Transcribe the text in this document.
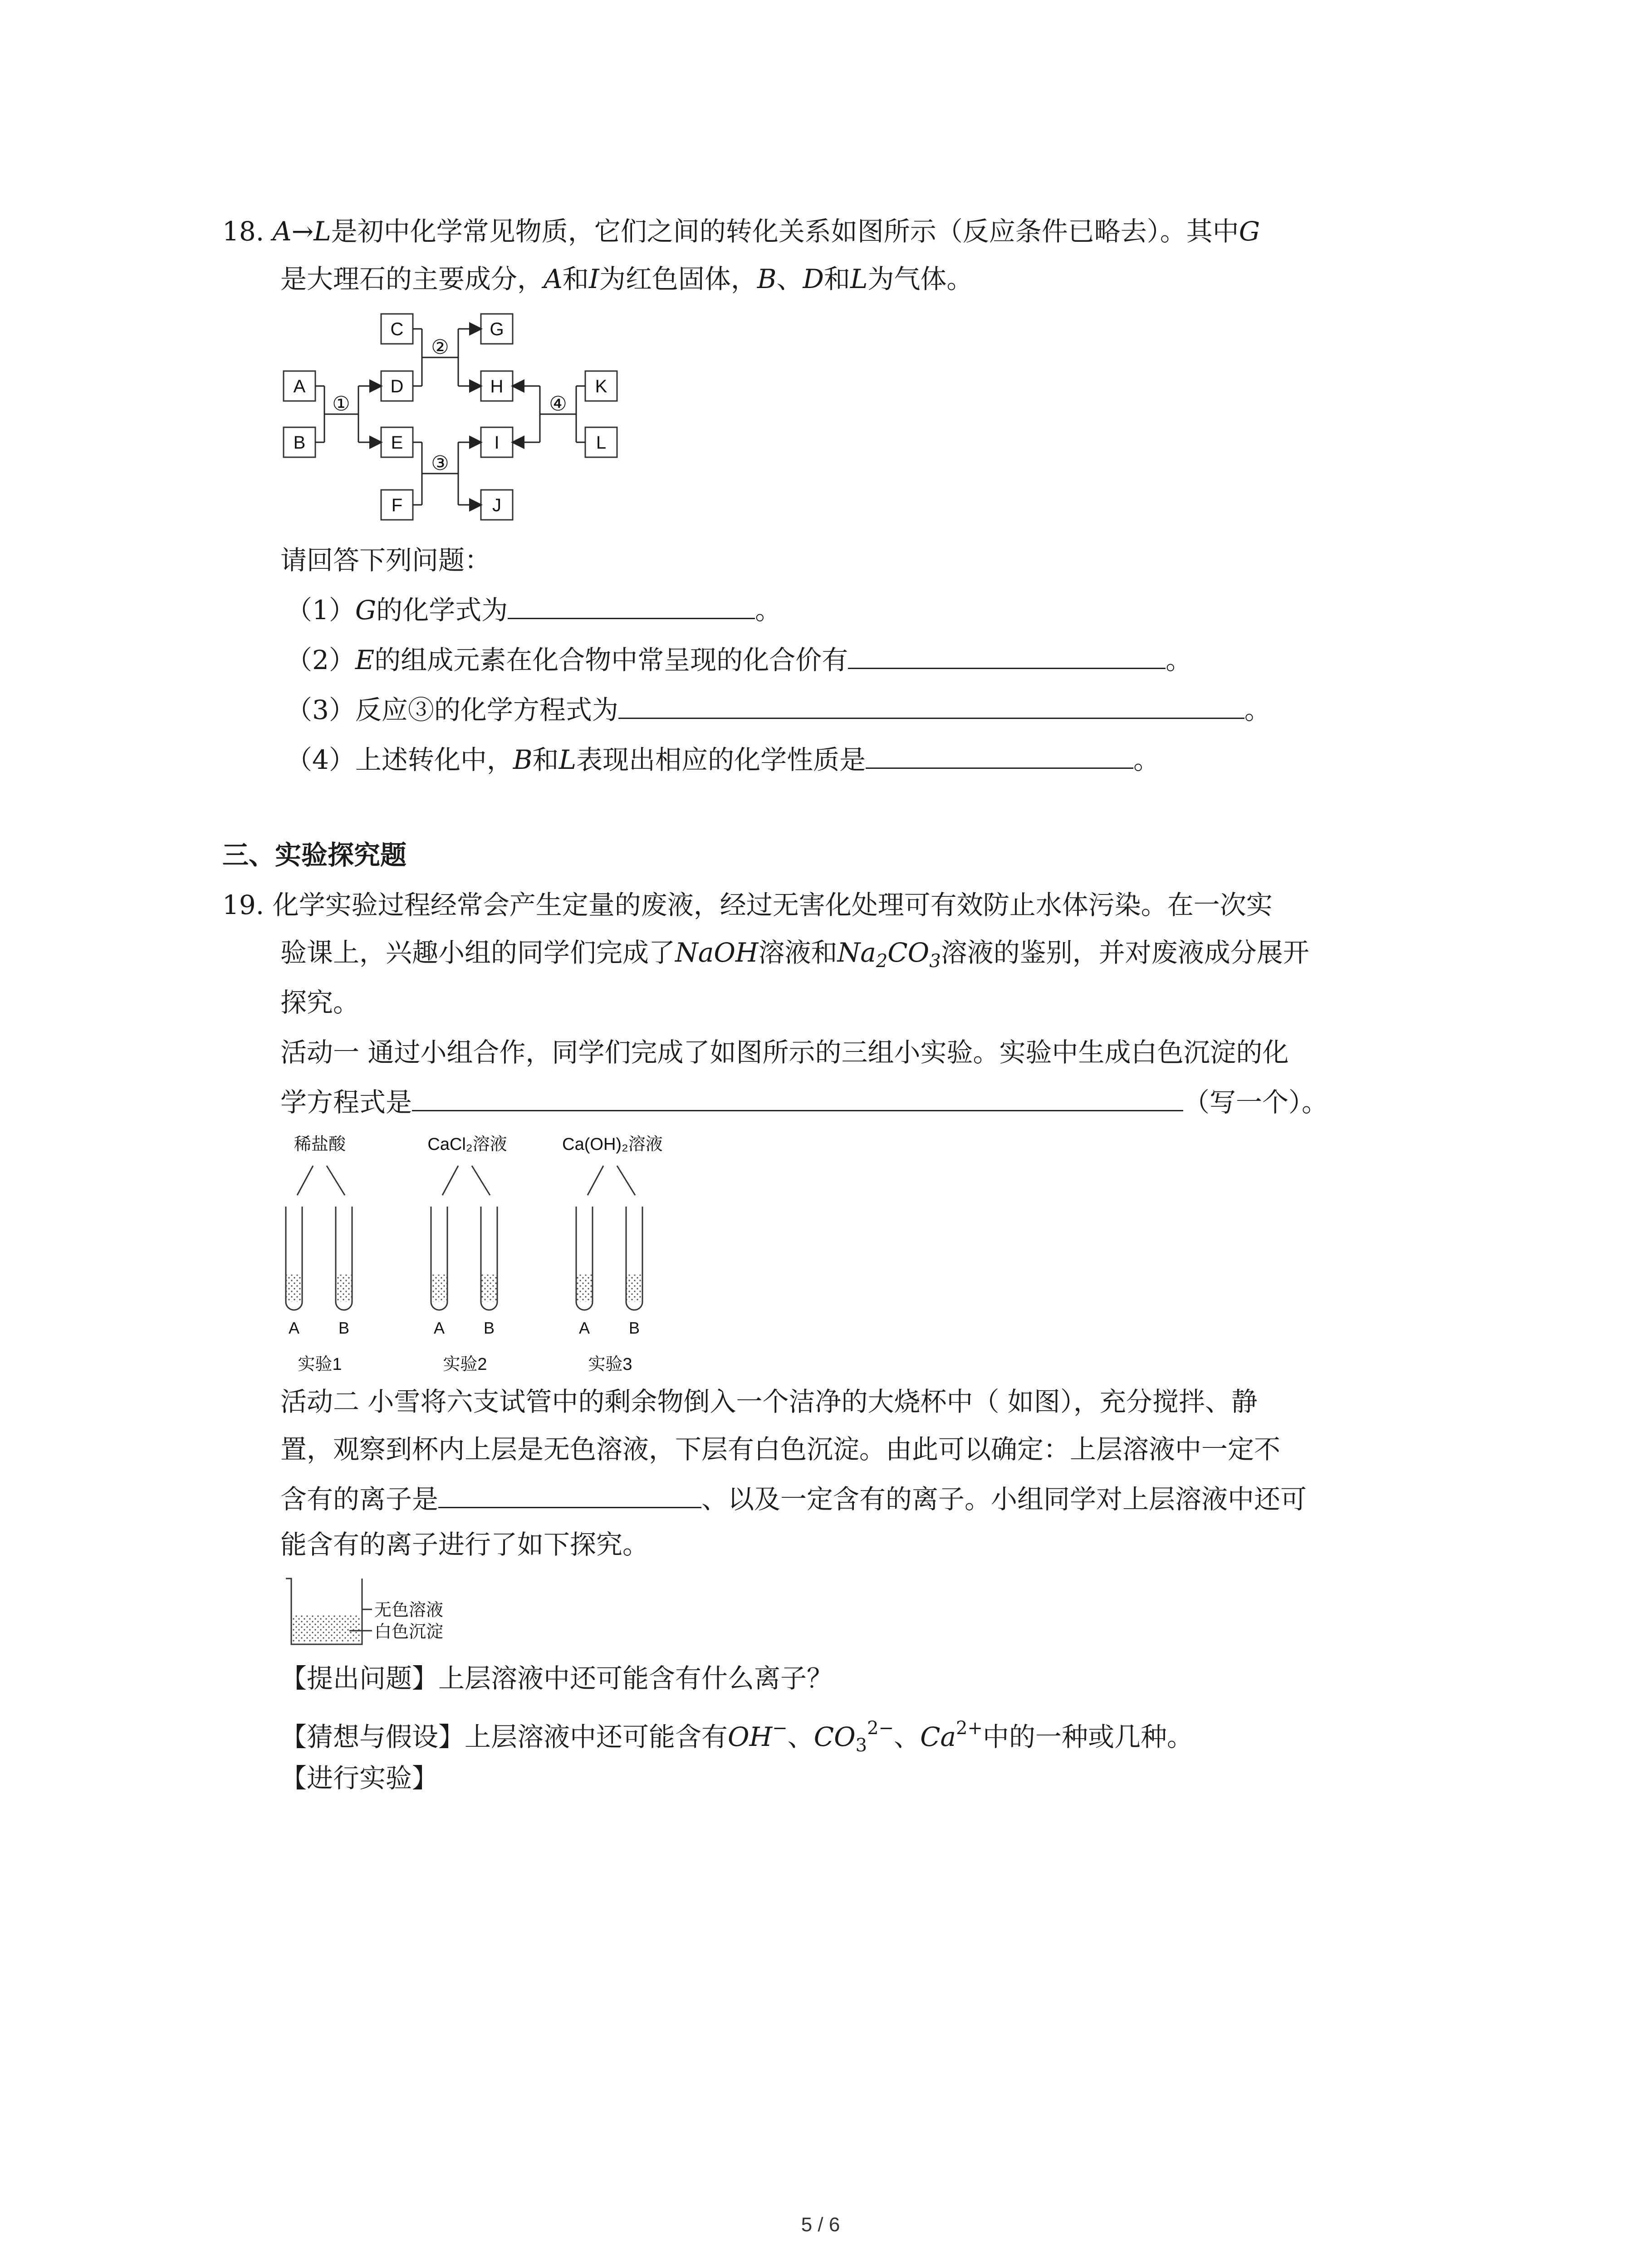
18. A→L是初中化学常见物质，它们之间的转化关系如图所示（反应条件已略去）。其中G
是大理石的主要成分，A和I为红色固体，B、D和L为气体。
A
B
C
D
E
F
G
H
I
J
K
L
①
②
③
④
请回答下列问题：
（1）G的化学式为	。
（2）E的组成元素在化合物中常呈现的化合价有	。
（3）反应③的化学方程式为	。
（4）上述转化中，B和L表现出相应的化学性质是	。
三、实验探究题
19. 化学实验过程经常会产生定量的废液，经过无害化处理可有效防止水体污染。在一次实
验课上，兴趣小组的同学们完成了NaOH溶液和$Na_2CO_3$溶液的鉴别，并对废液成分展开
探究。
活动一 通过小组合作，同学们完成了如图所示的三组小实验。实验中生成白色沉淀的化
学方程式是	（写一个）。
稀盐酸	CaCl₂溶液	Ca(OH)₂溶液
A B	A B	A B
实验1	实验2	实验3
活动二 小雪将六支试管中的剩余物倒入一个洁净的大烧杯中（ 如图），充分搅拌、静
置，观察到杯内上层是无色溶液，下层有白色沉淀。由此可以确定：上层溶液中一定不
含有的离子是	、以及一定含有的离子。小组同学对上层溶液中还可
能含有的离子进行了如下探究。
无色溶液
白色沉淀
【提出问题】上层溶液中还可能含有什么离子？
【猜想与假设】上层溶液中还可能含有OH−、$CO_3^{2-}$、$Ca^{2+}$中的一种或几种。
【进行实验】
5 / 6
